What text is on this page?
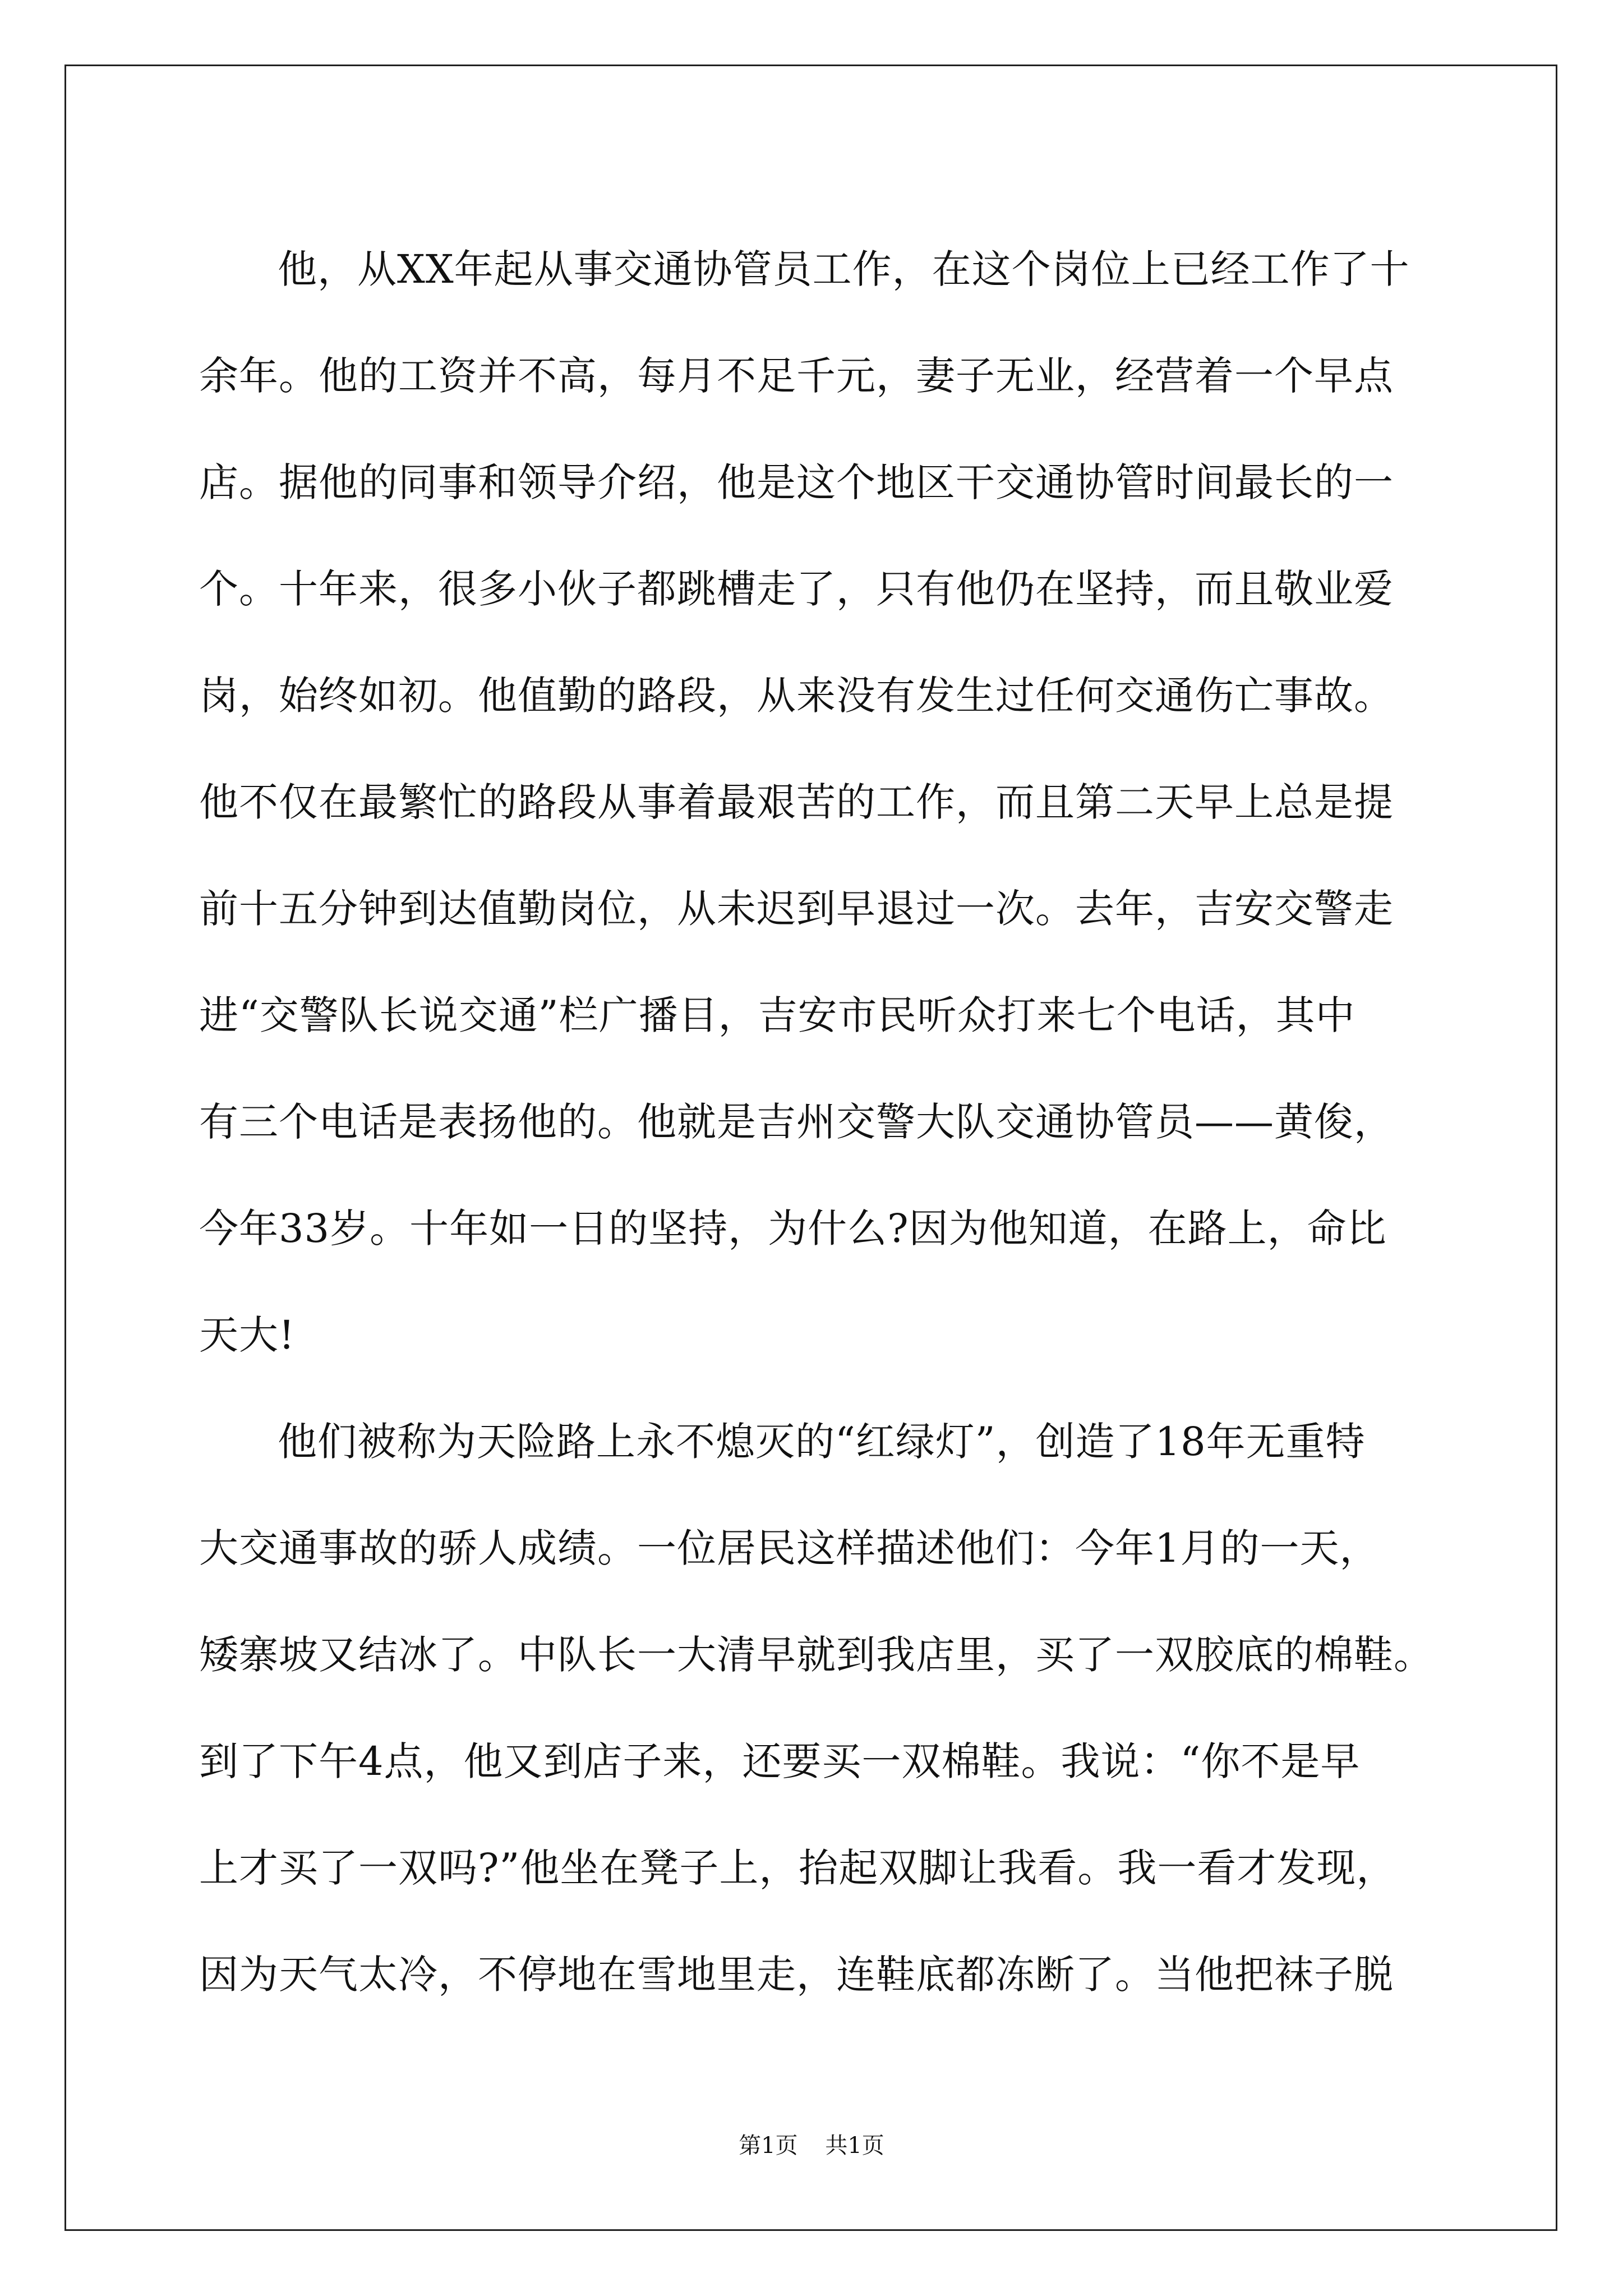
他，从XX年起从事交通协管员工作，在这个岗位上已经工作了十
余年。他的工资并不高，每月不足千元，妻子无业，经营着一个早点
店。据他的同事和领导介绍，他是这个地区干交通协管时间最长的一
个。十年来，很多小伙子都跳槽走了，只有他仍在坚持，而且敬业爱
岗，始终如初。他值勤的路段，从来没有发生过任何交通伤亡事故。
他不仅在最繁忙的路段从事着最艰苦的工作，而且第二天早上总是提
前十五分钟到达值勤岗位，从未迟到早退过一次。去年，吉安交警走
进“交警队长说交通”栏广播目，吉安市民听众打来七个电话，其中
有三个电话是表扬他的。他就是吉州交警大队交通协管员——黄俊，
今年33岁。十年如一日的坚持，为什么?因为他知道，在路上，命比
天大!
他们被称为天险路上永不熄灭的“红绿灯”，创造了18年无重特
大交通事故的骄人成绩。一位居民这样描述他们：今年1月的一天，
矮寨坡又结冰了。中队长一大清早就到我店里，买了一双胶底的棉鞋。
到了下午4点，他又到店子来，还要买一双棉鞋。我说：“你不是早
上才买了一双吗?”他坐在凳子上，抬起双脚让我看。我一看才发现，
因为天气太冷，不停地在雪地里走，连鞋底都冻断了。当他把袜子脱
第1页 共1页
